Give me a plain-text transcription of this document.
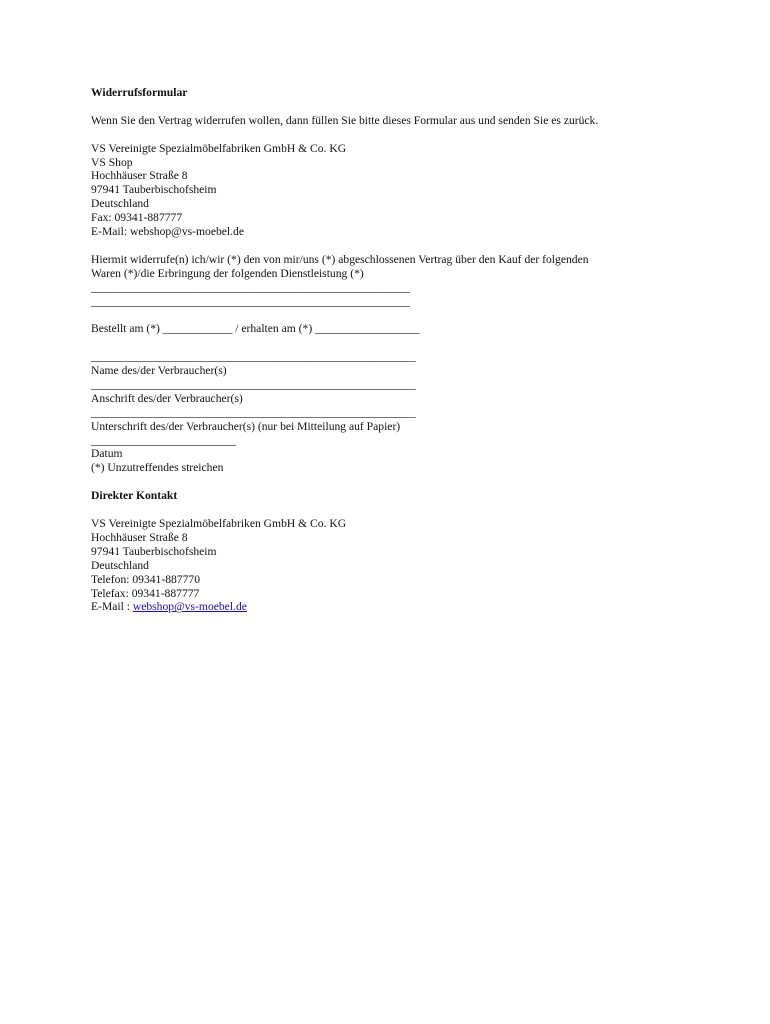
Widerrufsformular
Wenn Sie den Vertrag widerrufen wollen, dann füllen Sie bitte dieses Formular aus und senden Sie es zurück.
VS Vereinigte Spezialmöbelfabriken GmbH & Co. KG
VS Shop
Hochhäuser Straße 8
97941 Tauberbischofsheim
Deutschland
Fax: 09341-887777
E-Mail: webshop@vs-moebel.de
Hiermit widerrufe(n) ich/wir (*) den von mir/uns (*) abgeschlossenen Vertrag über den Kauf der folgenden
Waren (*)/die Erbringung der folgenden Dienstleistung (*)
_______________________________________________________
_______________________________________________________
Bestellt am (*) ____________ / erhalten am (*) __________________
________________________________________________________
Name des/der Verbraucher(s)
________________________________________________________
Anschrift des/der Verbraucher(s)
________________________________________________________
Unterschrift des/der Verbraucher(s) (nur bei Mitteilung auf Papier)
_________________________
Datum
(*) Unzutreffendes streichen
Direkter Kontakt
VS Vereinigte Spezialmöbelfabriken GmbH & Co. KG
Hochhäuser Straße 8
97941 Tauberbischofsheim
Deutschland
Telefon: 09341-887770
Telefax: 09341-887777
E-Mail : webshop@vs-moebel.de
